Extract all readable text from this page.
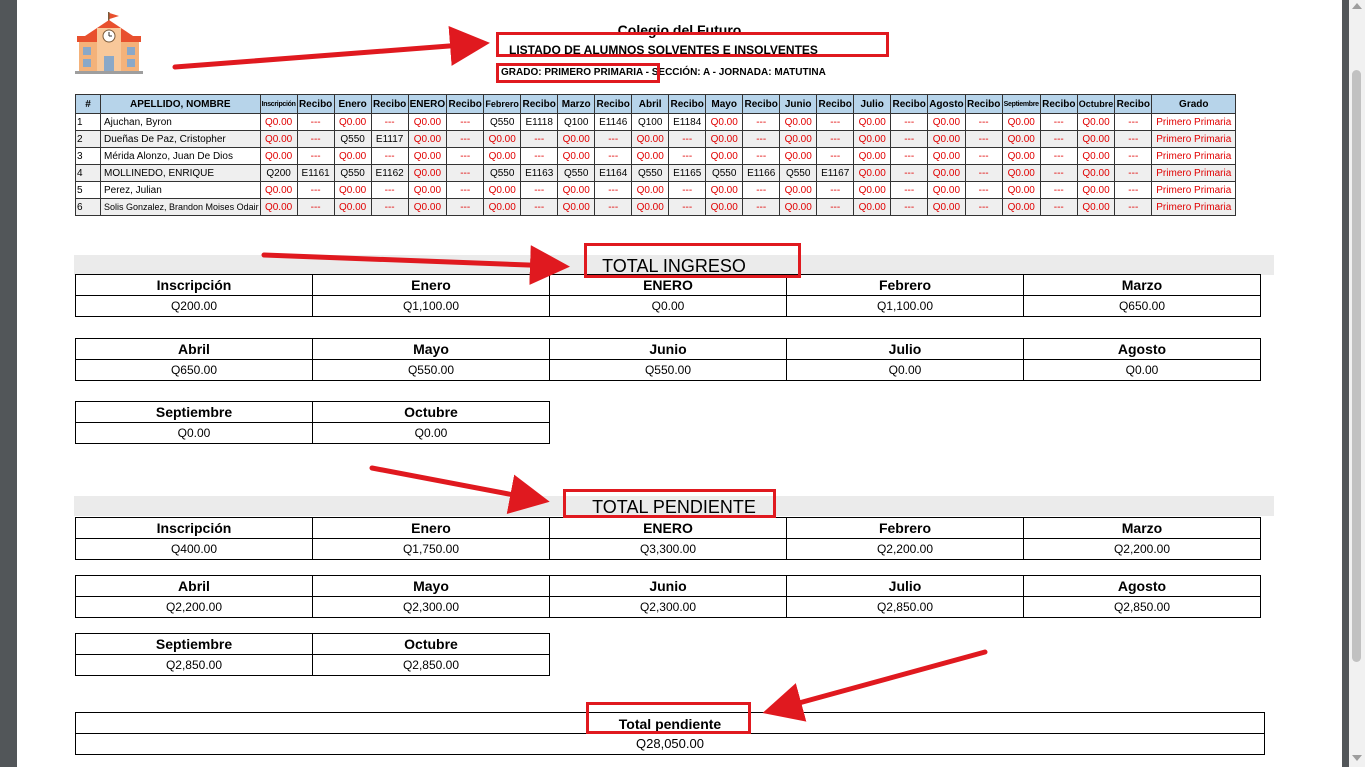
Colegio del Futuro
LISTADO DE ALUMNOS SOLVENTES E INSOLVENTES
GRADO: PRIMERO PRIMARIA - SECCIÓN: A - JORNADA: MATUTINA
#	APELLIDO, NOMBRE	Inscripción	Recibo	Enero	Recibo	ENERO	Recibo	Febrero	Recibo	Marzo	Recibo	Abril	Recibo	Mayo	Recibo	Junio	Recibo	Julio	Recibo	Agosto	Recibo	Septiembre	Recibo	Octubre	Recibo	Grado
1	Ajuchan, Byron	Q0.00	---	Q0.00	---	Q0.00	---	Q550	E1118	Q100	E1146	Q100	E1184	Q0.00	---	Q0.00	---	Q0.00	---	Q0.00	---	Q0.00	---	Q0.00	---	Primero Primaria
2	Dueñas De Paz, Cristopher	Q0.00	---	Q550	E1117	Q0.00	---	Q0.00	---	Q0.00	---	Q0.00	---	Q0.00	---	Q0.00	---	Q0.00	---	Q0.00	---	Q0.00	---	Q0.00	---	Primero Primaria
3	Mérida Alonzo, Juan De Dios	Q0.00	---	Q0.00	---	Q0.00	---	Q0.00	---	Q0.00	---	Q0.00	---	Q0.00	---	Q0.00	---	Q0.00	---	Q0.00	---	Q0.00	---	Q0.00	---	Primero Primaria
4	MOLLINEDO, ENRIQUE	Q200	E1161	Q550	E1162	Q0.00	---	Q550	E1163	Q550	E1164	Q550	E1165	Q550	E1166	Q550	E1167	Q0.00	---	Q0.00	---	Q0.00	---	Q0.00	---	Primero Primaria
5	Perez, Julian	Q0.00	---	Q0.00	---	Q0.00	---	Q0.00	---	Q0.00	---	Q0.00	---	Q0.00	---	Q0.00	---	Q0.00	---	Q0.00	---	Q0.00	---	Q0.00	---	Primero Primaria
6	Solis Gonzalez, Brandon Moises Odair	Q0.00	---	Q0.00	---	Q0.00	---	Q0.00	---	Q0.00	---	Q0.00	---	Q0.00	---	Q0.00	---	Q0.00	---	Q0.00	---	Q0.00	---	Q0.00	---	Primero Primaria
TOTAL INGRESO
Inscripción	Enero	ENERO	Febrero	Marzo
Q200.00	Q1,100.00	Q0.00	Q1,100.00	Q650.00
Abril	Mayo	Junio	Julio	Agosto
Q650.00	Q550.00	Q550.00	Q0.00	Q0.00
Septiembre	Octubre
Q0.00	Q0.00
TOTAL PENDIENTE
Inscripción	Enero	ENERO	Febrero	Marzo
Q400.00	Q1,750.00	Q3,300.00	Q2,200.00	Q2,200.00
Abril	Mayo	Junio	Julio	Agosto
Q2,200.00	Q2,300.00	Q2,300.00	Q2,850.00	Q2,850.00
Septiembre	Octubre
Q2,850.00	Q2,850.00
Total pendiente
Q28,050.00
